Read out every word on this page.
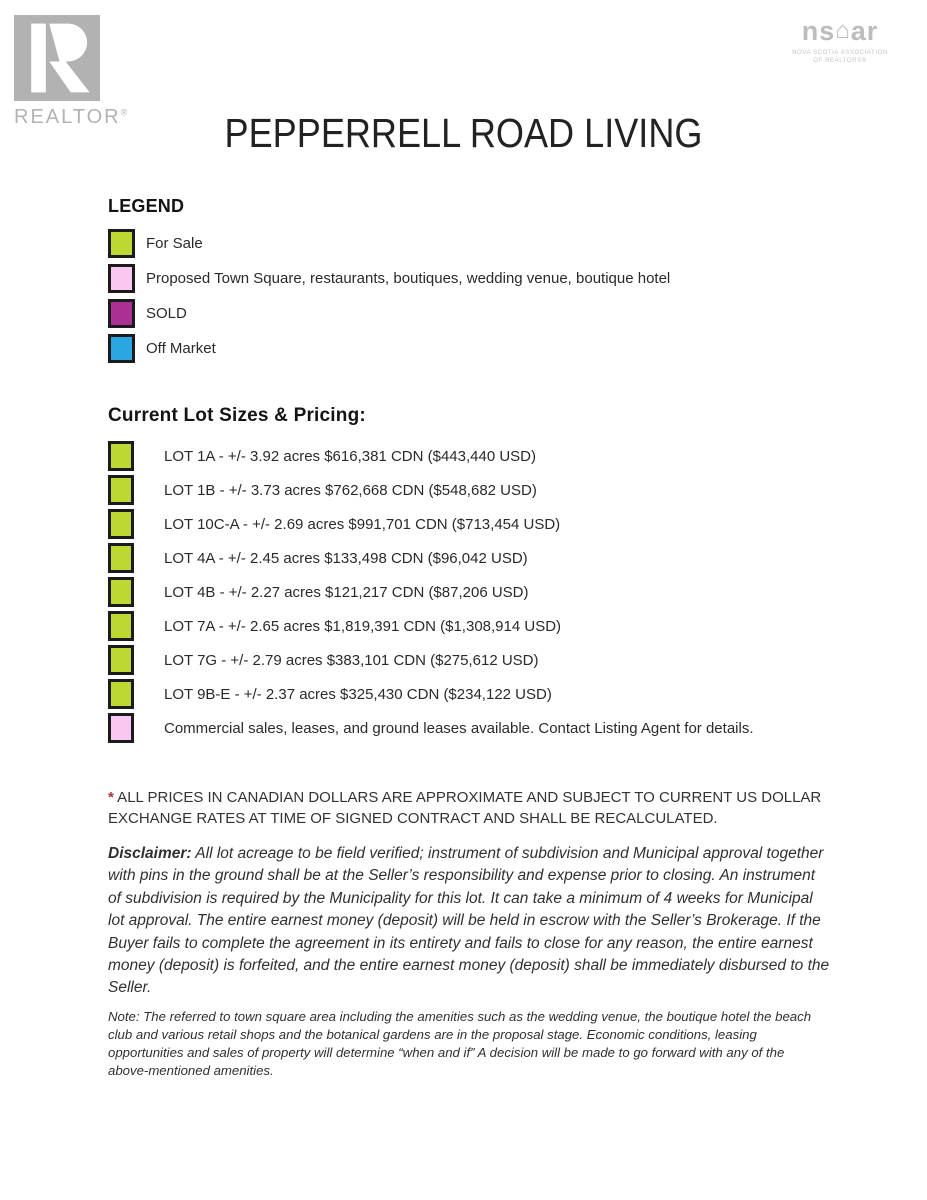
REALTOR®
ns⌂ar
NOVA SCOTIA ASSOCIATION
OF REALTORS®
PEPPERRELL ROAD LIVING
LEGEND
For Sale
Proposed Town Square, restaurants, boutiques, wedding venue, boutique hotel
SOLD
Off Market
Current Lot Sizes & Pricing:
LOT 1A - +/- 3.92 acres $616,381 CDN ($443,440 USD)
LOT 1B - +/- 3.73 acres $762,668 CDN ($548,682 USD)
LOT 10C-A - +/- 2.69 acres $991,701 CDN ($713,454 USD)
LOT 4A - +/- 2.45 acres $133,498 CDN ($96,042 USD)
LOT 4B - +/- 2.27 acres $121,217 CDN ($87,206 USD)
LOT 7A - +/- 2.65 acres $1,819,391 CDN ($1,308,914 USD)
LOT 7G - +/- 2.79 acres $383,101 CDN ($275,612 USD)
LOT 9B-E - +/- 2.37 acres $325,430 CDN ($234,122 USD)
Commercial sales, leases, and ground leases available. Contact Listing Agent for details.
* ALL PRICES IN CANADIAN DOLLARS ARE APPROXIMATE AND SUBJECT TO CURRENT US DOLLAR EXCHANGE RATES AT TIME OF SIGNED CONTRACT AND SHALL BE RECALCULATED.
Disclaimer: All lot acreage to be field verified; instrument of subdivision and Municipal approval together with pins in the ground shall be at the Seller’s responsibility and expense prior to closing. An instrument of subdivision is required by the Municipality for this lot. It can take a minimum of 4 weeks for Municipal lot approval. The entire earnest money (deposit) will be held in escrow with the Seller’s Brokerage. If the Buyer fails to complete the agreement in its entirety and fails to close for any reason, the entire earnest money (deposit) is forfeited, and the entire earnest money (deposit) shall be immediately disbursed to the Seller.
Note: The referred to town square area including the amenities such as the wedding venue, the boutique hotel the beach club and various retail shops and the botanical gardens are in the proposal stage. Economic conditions, leasing opportunities and sales of property will determine “when and if” A decision will be made to go forward with any of the above-mentioned amenities.
